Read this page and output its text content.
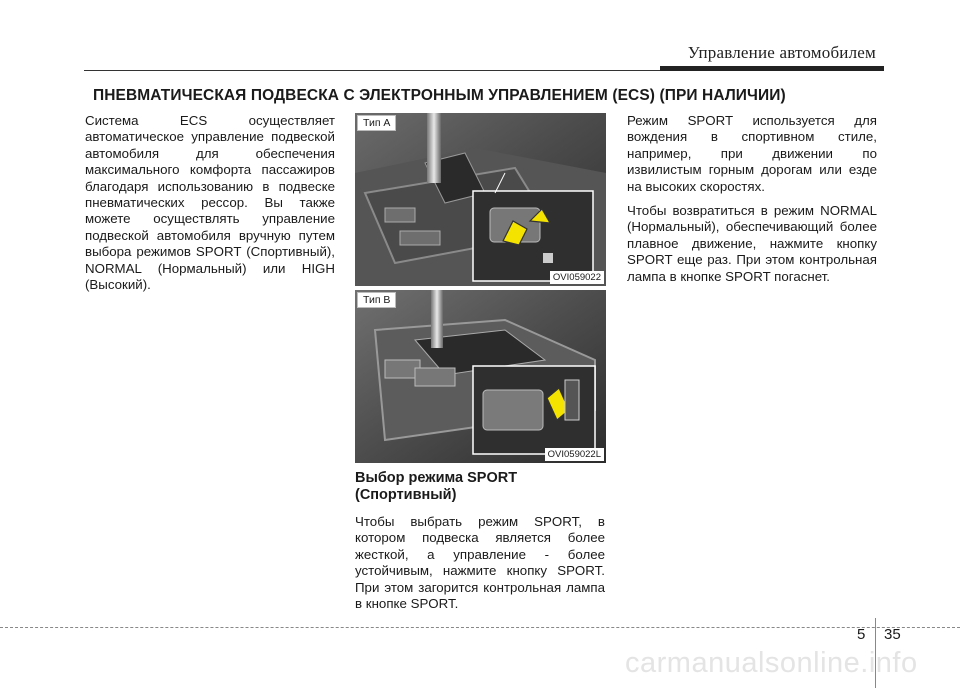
Управление автомобилем
ПНЕВМАТИЧЕСКАЯ ПОДВЕСКА С ЭЛЕКТРОННЫМ УПРАВЛЕНИЕМ (ECS) (ПРИ НАЛИЧИИ)

Система ECS осуществляет автоматическое управление подвеской автомобиля для обеспечения максимального комфорта пассажиров благодаря использованию в подвеске пневматических рессор. Вы также можете осуществлять управление подвеской автомобиля вручную путем выбора режимов SPORT (Спортивный), NORMAL (Нормальный) или HIGH (Высокий).

Тип А
OVI059022
Тип В
OVI059022L

Выбор режима SPORT (Спортивный)

Чтобы выбрать режим SPORT, в котором подвеска является более жесткой, а управление - более устойчивым, нажмите кнопку SPORT. При этом загорится контрольная лампа в кнопке SPORT.

Режим SPORT используется для вождения в спортивном стиле, например, при движении по извилистым горным дорогам или езде на высоких скоростях.

Чтобы возвратиться в режим NORMAL (Нормальный), обеспечивающий более плавное движение, нажмите кнопку SPORT еще раз. При этом контрольная лампа в кнопке SPORT погаснет.

5 35
carmanualsonline.info
